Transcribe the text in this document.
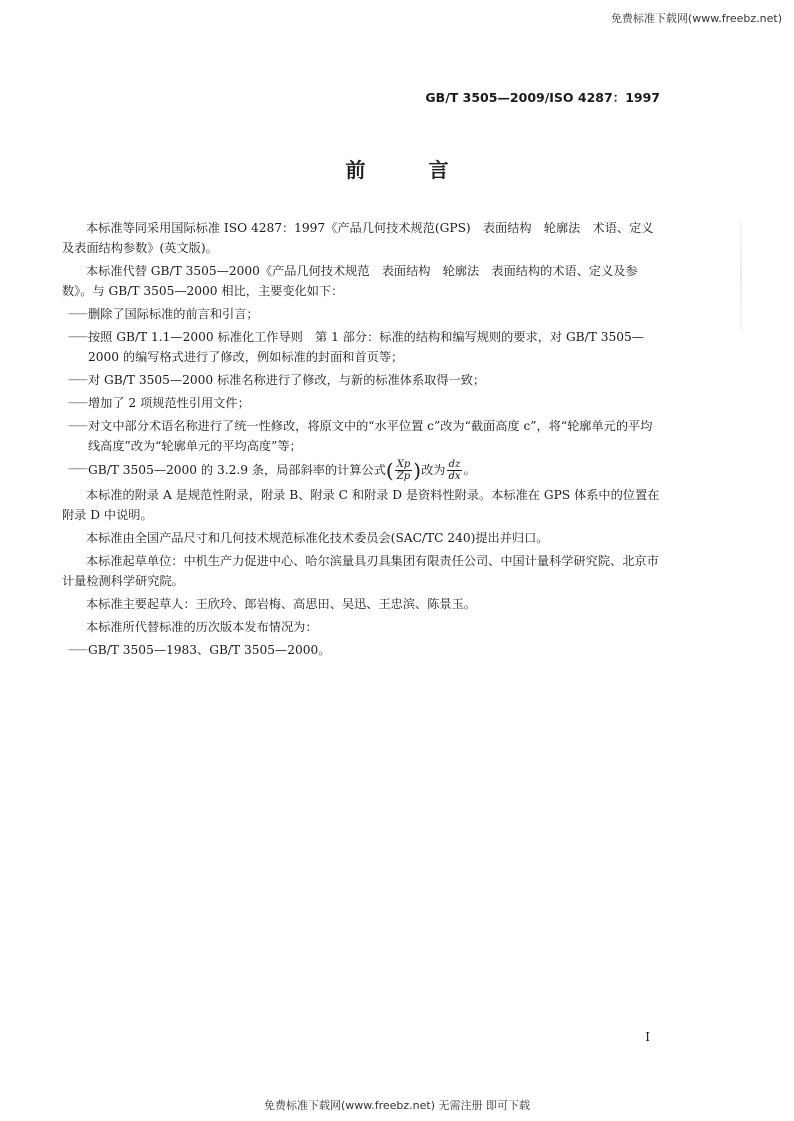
免费标准下载网(www.freebz.net)
GB/T 3505—2009/ISO 4287：1997
前 言

本标准等同采用国际标准 ISO 4287：1997《产品几何技术规范(GPS)　表面结构　轮廓法　术语、定义及表面结构参数》(英文版)。

本标准代替 GB/T 3505—2000《产品几何技术规范　表面结构　轮廓法　表面结构的术语、定义及参数》。与 GB/T 3505—2000 相比，主要变化如下：

—— 删除了国际标准的前言和引言；
—— 按照 GB/T 1.1—2000 标准化工作导则　第 1 部分：标准的结构和编写规则的要求，对 GB/T 3505—2000 的编写格式进行了修改，例如标准的封面和首页等；
—— 对 GB/T 3505—2000 标准名称进行了修改，与新的标准体系取得一致；
—— 增加了 2 项规范性引用文件；
—— 对文中部分术语名称进行了统一性修改，将原文中的“水平位置 c”改为“截面高度 c”，将“轮廓单元的平均线高度”改为“轮廓单元的平均高度”等；
—— GB/T 3505—2000 的 3.2.9 条，局部斜率的计算公式( $\frac{Xp}{Zp}$ )改为 $\frac{dz}{dx}$ 。

本标准的附录 A 是规范性附录，附录 B、附录 C 和附录 D 是资料性附录。本标准在 GPS 体系中的位置在附录 D 中说明。

本标准由全国产品尺寸和几何技术规范标准化技术委员会(SAC/TC 240)提出并归口。

本标准起草单位：中机生产力促进中心、哈尔滨量具刃具集团有限责任公司、中国计量科学研究院、北京市计量检测科学研究院。

本标准主要起草人：王欣玲、郎岩梅、高思田、吴迅、王忠滨、陈景玉。

本标准所代替标准的历次版本发布情况为：

—— GB/T 3505—1983、GB/T 3505—2000。
I
免费标准下载网(www.freebz.net) 无需注册 即可下载
